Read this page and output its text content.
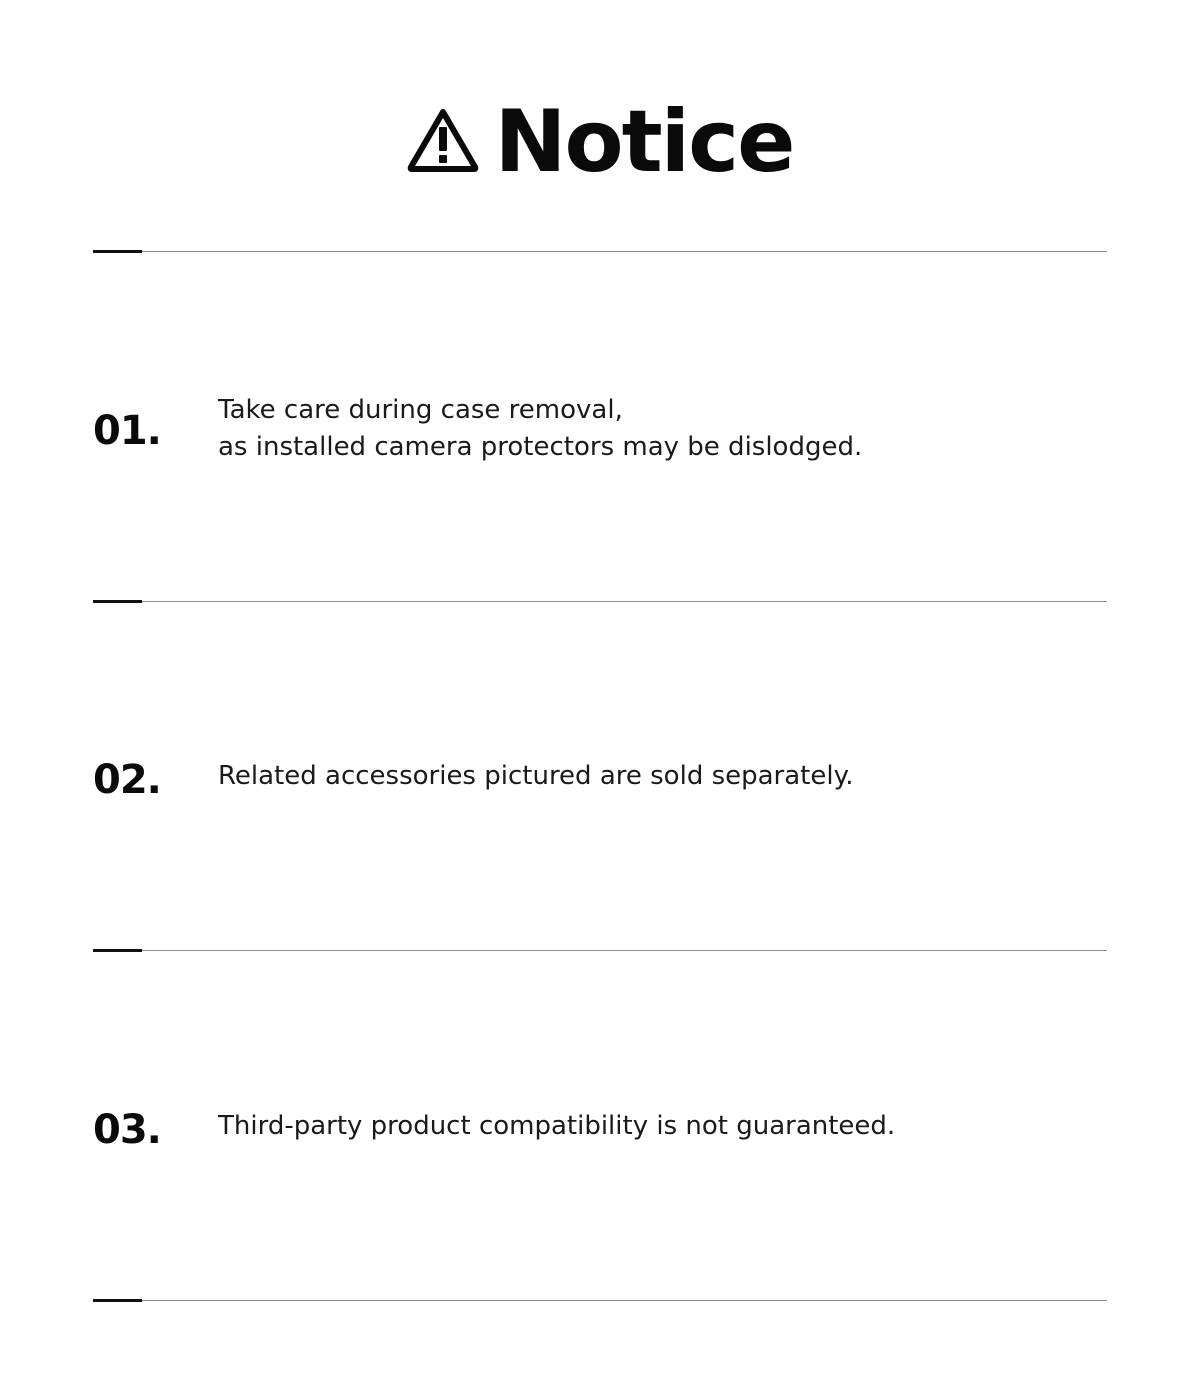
Notice
01. Take care during case removal,
as installed camera protectors may be dislodged.
02. Related accessories pictured are sold separately.
03. Third-party product compatibility is not guaranteed.
